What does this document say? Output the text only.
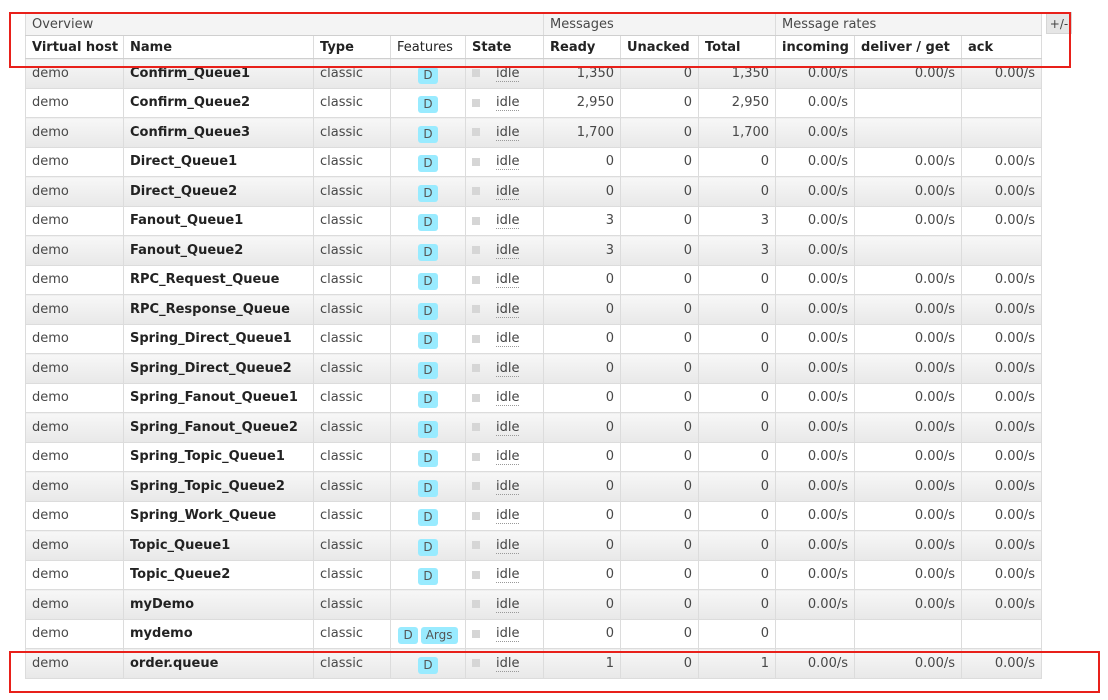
Overview					Messages			Message rates		
Virtual host	Name	Type	Features	State	Ready	Unacked	Total	incoming	deliver / get	ack
demo	Confirm_Queue1	classic	D	idle	1,350	0	1,350	0.00/s	0.00/s	0.00/s
demo	Confirm_Queue2	classic	D	idle	2,950	0	2,950	0.00/s		
demo	Confirm_Queue3	classic	D	idle	1,700	0	1,700	0.00/s		
demo	Direct_Queue1	classic	D	idle	0	0	0	0.00/s	0.00/s	0.00/s
demo	Direct_Queue2	classic	D	idle	0	0	0	0.00/s	0.00/s	0.00/s
demo	Fanout_Queue1	classic	D	idle	3	0	3	0.00/s	0.00/s	0.00/s
demo	Fanout_Queue2	classic	D	idle	3	0	3	0.00/s		
demo	RPC_Request_Queue	classic	D	idle	0	0	0	0.00/s	0.00/s	0.00/s
demo	RPC_Response_Queue	classic	D	idle	0	0	0	0.00/s	0.00/s	0.00/s
demo	Spring_Direct_Queue1	classic	D	idle	0	0	0	0.00/s	0.00/s	0.00/s
demo	Spring_Direct_Queue2	classic	D	idle	0	0	0	0.00/s	0.00/s	0.00/s
demo	Spring_Fanout_Queue1	classic	D	idle	0	0	0	0.00/s	0.00/s	0.00/s
demo	Spring_Fanout_Queue2	classic	D	idle	0	0	0	0.00/s	0.00/s	0.00/s
demo	Spring_Topic_Queue1	classic	D	idle	0	0	0	0.00/s	0.00/s	0.00/s
demo	Spring_Topic_Queue2	classic	D	idle	0	0	0	0.00/s	0.00/s	0.00/s
demo	Spring_Work_Queue	classic	D	idle	0	0	0	0.00/s	0.00/s	0.00/s
demo	Topic_Queue1	classic	D	idle	0	0	0	0.00/s	0.00/s	0.00/s
demo	Topic_Queue2	classic	D	idle	0	0	0	0.00/s	0.00/s	0.00/s
demo	myDemo	classic		idle	0	0	0	0.00/s	0.00/s	0.00/s
demo	mydemo	classic	D Args	idle	0	0	0			
demo	order.queue	classic	D	idle	1	0	1	0.00/s	0.00/s	0.00/s
+/-
